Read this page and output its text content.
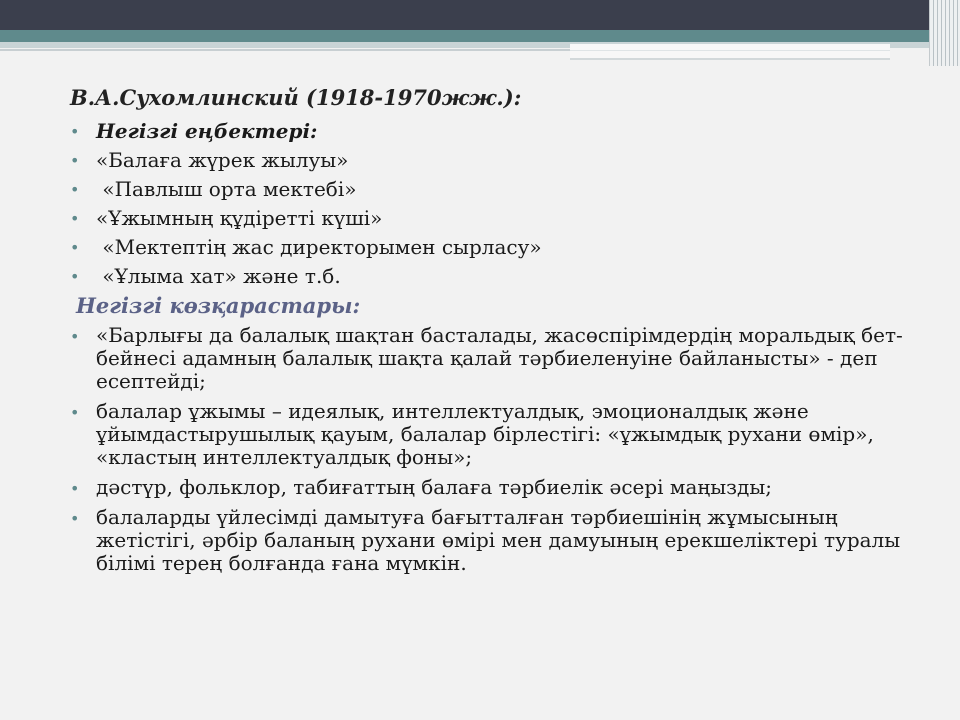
В.А.Сухомлинский (1918-1970жж.):
• Негізгі еңбектері:
• «Балаға жүрек жылуы»
• «Павлыш орта мектебі»
• «Ұжымның құдіретті күші»
• «Мектептің жас директорымен сырласу»
• «Ұлыма хат» және т.б.
Негізгі көзқарастары:
• «Барлығы да балалық шақтан басталады, жасөспірімдердің моральдық бет-бейнесі адамның балалық шақта қалай тәрбиеленуіне байланысты» - деп есептейді;
• балалар ұжымы – идеялық, интеллектуалдық, эмоционалдық және ұйымдастырушылық қауым, балалар бірлестігі: «ұжымдық рухани өмір», «кластың интеллектуалдық фоны»;
• дәстүр, фольклор, табиғаттың балаға тәрбиелік әсері маңызды;
• балаларды үйлесімді дамытуға бағытталған тәрбиешінің жұмысының жетістігі, әрбір баланың рухани өмірі мен дамуының ерекшеліктері туралы білімі терең болғанда ғана мүмкін.
